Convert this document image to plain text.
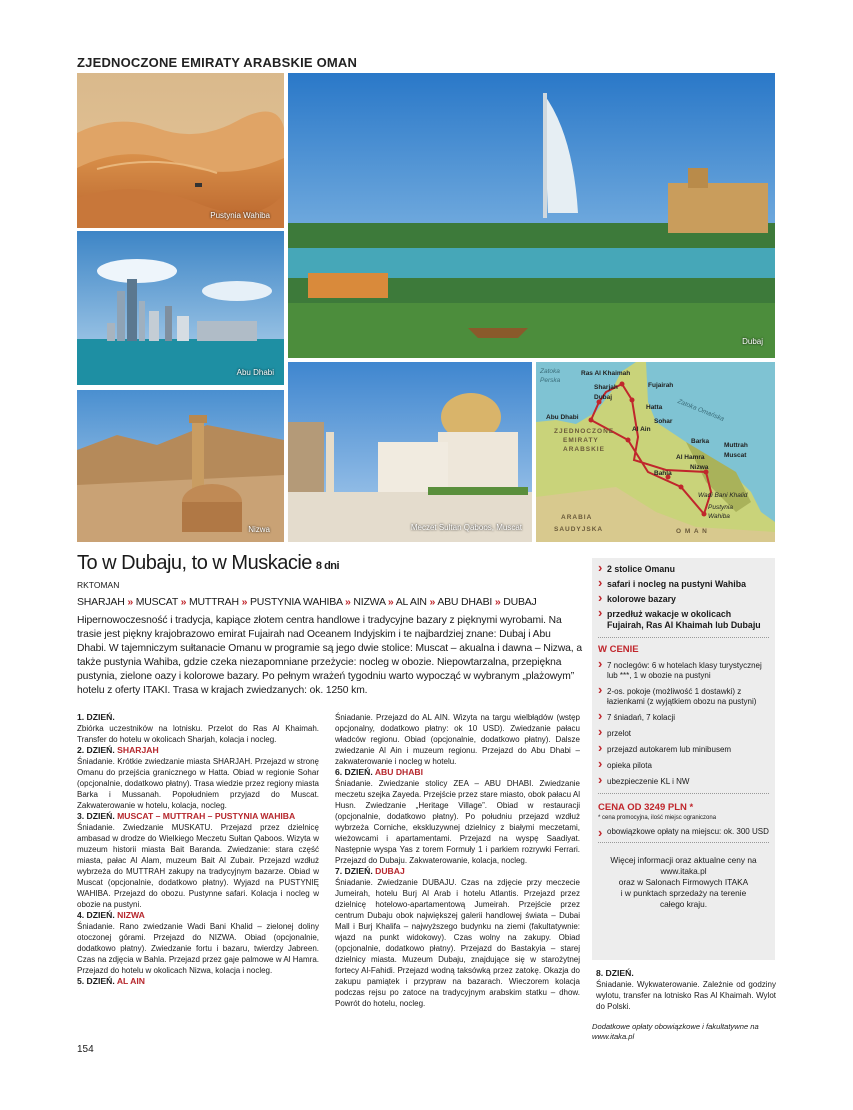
ZJEDNOCZONE EMIRATY ARABSKIE OMAN
Pustynia Wahiba
Abu Dhabi
Nizwa
Dubaj
Meczet Sultan Qaboos, Muscat
Zatoka
Perska
Zatoka Omańska
ZJEDNOCZONE
EMIRATY
ARABSKIE
ARABIA
SAUDYJSKA	O M A N
Ras Al Khaimah
Sharjah
Dubaj
Fujairah
Hatta
Sohar
Abu Dhabi
Al Ain
Barka
Muttrah
Muscat
Al Hamra
Nizwa
Bahla
Wadi Bani Khalid
Pustynia
Wahiba
To w Dubaju, to w Muskacie 8 dni
RKTOMAN
SHARJAH » MUSCAT » MUTTRAH » PUSTYNIA WAHIBA » NIZWA » AL AIN » ABU DHABI » DUBAJ
Hipernowoczesność i tradycja, kapiące złotem centra handlowe i tradycyjne bazary z pięknymi wyrobami. Na trasie jest piękny krajobrazowo emirat Fujairah nad Oceanem Indyjskim i te najbardziej znane: Dubaj i Abu Dhabi. W tajemniczym sułtanacie Omanu w programie są jego dwie stolice: Muscat – akualna i dawna – Nizwa, a także pustynia Wahiba, gdzie czeka niezapomniane przeżycie: nocleg w obozie. Niepowtarzalna, przepiękna pustynia, zielone oazy i kolorowe bazary. Po pełnym wrażeń tygodniu warto wypocząć w wybranym „plażowym” hotelu z oferty ITAKI. Trasa w krajach zwiedzanych: ok. 1250 km.

1. DZIEŃ.

Zbiórka uczestników na lotnisku. Przelot do Ras Al Khaimah. Transfer do hotelu w okolicach Sharjah, kolacja i nocleg.

2. DZIEŃ. SHARJAH

Śniadanie. Krótkie zwiedzanie miasta SHARJAH. Przejazd w stronę Omanu do przejścia granicznego w Hatta. Obiad w regionie Sohar (opcjonalnie, dodatkowo płatny). Trasa wiedzie przez regiony miasta Barka i Mussanah. Popołudniem przyjazd do Muscat. Zakwaterowanie w hotelu, kolacja, nocleg.

3. DZIEŃ. MUSCAT – MUTTRAH – PUSTYNIA WAHIBA

Śniadanie. Zwiedzanie MUSKATU. Przejazd przez dzielnicę ambasad w drodze do Wielkiego Meczetu Sułtan Qaboos. Wizyta w muzeum historii miasta Bait Baranda. Zwiedzanie: stara część miasta, pałac Al Alam, muzeum Bait Al Zubair. Przejazd wzdłuż wybrzeża do MUTTRAH zakupy na tradycyjnym bazarze. Obiad w Muscat (opcjonalnie, dodatkowo płatny). Wyjazd na PUSTYNIĘ WAHIBA. Przejazd do obozu. Pustynne safari. Kolacja i nocleg w obozie na pustyni.

4. DZIEŃ. NIZWA

Śniadanie. Rano zwiedzanie Wadi Bani Khalid – zielonej doliny otoczonej górami. Przejazd do NIZWA. Obiad (opcjonalnie, dodatkowo płatny). Zwiedzanie fortu i bazaru, twierdzy Jabreen. Czas na zdjęcia w Bahla. Przejazd przez gaje palmowe w Al Hamra. Przejazd do hotelu w okolicach Nizwa, kolacja i nocleg.

5. DZIEŃ. AL AIN

Śniadanie. Przejazd do AL AIN. Wizyta na targu wielbłądów (wstęp opcjonalny, dodatkowo płatny: ok 10 USD). Zwiedzanie pałacu władców regionu. Obiad (opcjonalnie, dodatkowo płatny). Dalsze zwiedzanie Al Ain i muzeum regionu. Przejazd do Abu Dhabi – zakwaterowanie i nocleg w hotelu.

6. DZIEŃ. ABU DHABI

Śniadanie. Zwiedzanie stolicy ZEA – ABU DHABI. Zwiedzanie meczetu szejka Zayeda. Przejście przez stare miasto, obok pałacu Al Husn. Zwiedzanie „Heritage Village”. Obiad w restauracji (opcjonalnie, dodatkowo płatny). Po południu przejazd wzdłuż wybrzeża Corniche, ekskluzywnej dzielnicy z białymi meczetami, wieżowcami i apartamentami. Przejazd na wyspę Saadiyat. Następnie wyspa Yas z torem Formuły 1 i parkiem rozrywki Ferrari. Przejazd do Dubaju. Zakwaterowanie, kolacja, nocleg.

7. DZIEŃ. DUBAJ

Śniadanie. Zwiedzanie DUBAJU. Czas na zdjęcie przy meczecie Jumeirah, hotelu Burj Al Arab i hotelu Atlantis. Przejazd przez dzielnicę hotelowo-apartamentową Jumeirah. Przejście przez centrum Dubaju obok największej galerii handlowej świata – Dubai Mall i Burj Khalifa – najwyższego budynku na ziemi (fakultatywnie: wjazd na punkt widokowy). Czas wolny na zakupy. Obiad (opcjonalnie, dodatkowo płatny). Przejazd do Bastakyia – starej dzielnicy miasta. Muzeum Dubaju, znajdujące się w starożytnej fortecy Al-Fahidi. Przejazd wodną taksówką przez zatokę. Okazja do zakupu pamiątek i przypraw na bazarach. Wieczorem kolacja podczas rejsu po zatoce na tradycyjnym arabskim statku – dhow. Powrót do hotelu, nocleg.

› 2 stolice Omanu
› safari i nocleg na pustyni Wahiba
› kolorowe bazary
› przedłuż wakacje w okolicach Fujairah, Ras Al Khaimah lub Dubaju
W CENIE
› 7 noclegów: 6 w hotelach klasy turystycznej lub ***, 1 w obozie na pustyni
› 2-os. pokoje (możliwość 1 dostawki) z łazienkami (z wyjątkiem obozu na pustyni)
› 7 śniadań, 7 kolacji
› przelot
› przejazd autokarem lub minibusem
› opieka pilota
› ubezpieczenie KL i NW
CENA OD 3249 PLN *
* cena promocyjna, ilość miejsc ograniczona
› obowiązkowe opłaty na miejscu: ok. 300 USD
Więcej informacji oraz aktualne ceny na
www.itaka.pl
oraz w Salonach Firmowych ITAKA
i w punktach sprzedaży na terenie
całego kraju.

8. DZIEŃ.

Śniadanie. Wykwaterowanie. Zależnie od godziny wylotu, transfer na lotnisko Ras Al Khaimah. Wylot do Polski.

Dodatkowe opłaty obowiązkowe i fakultatywne na
www.itaka.pl
154
